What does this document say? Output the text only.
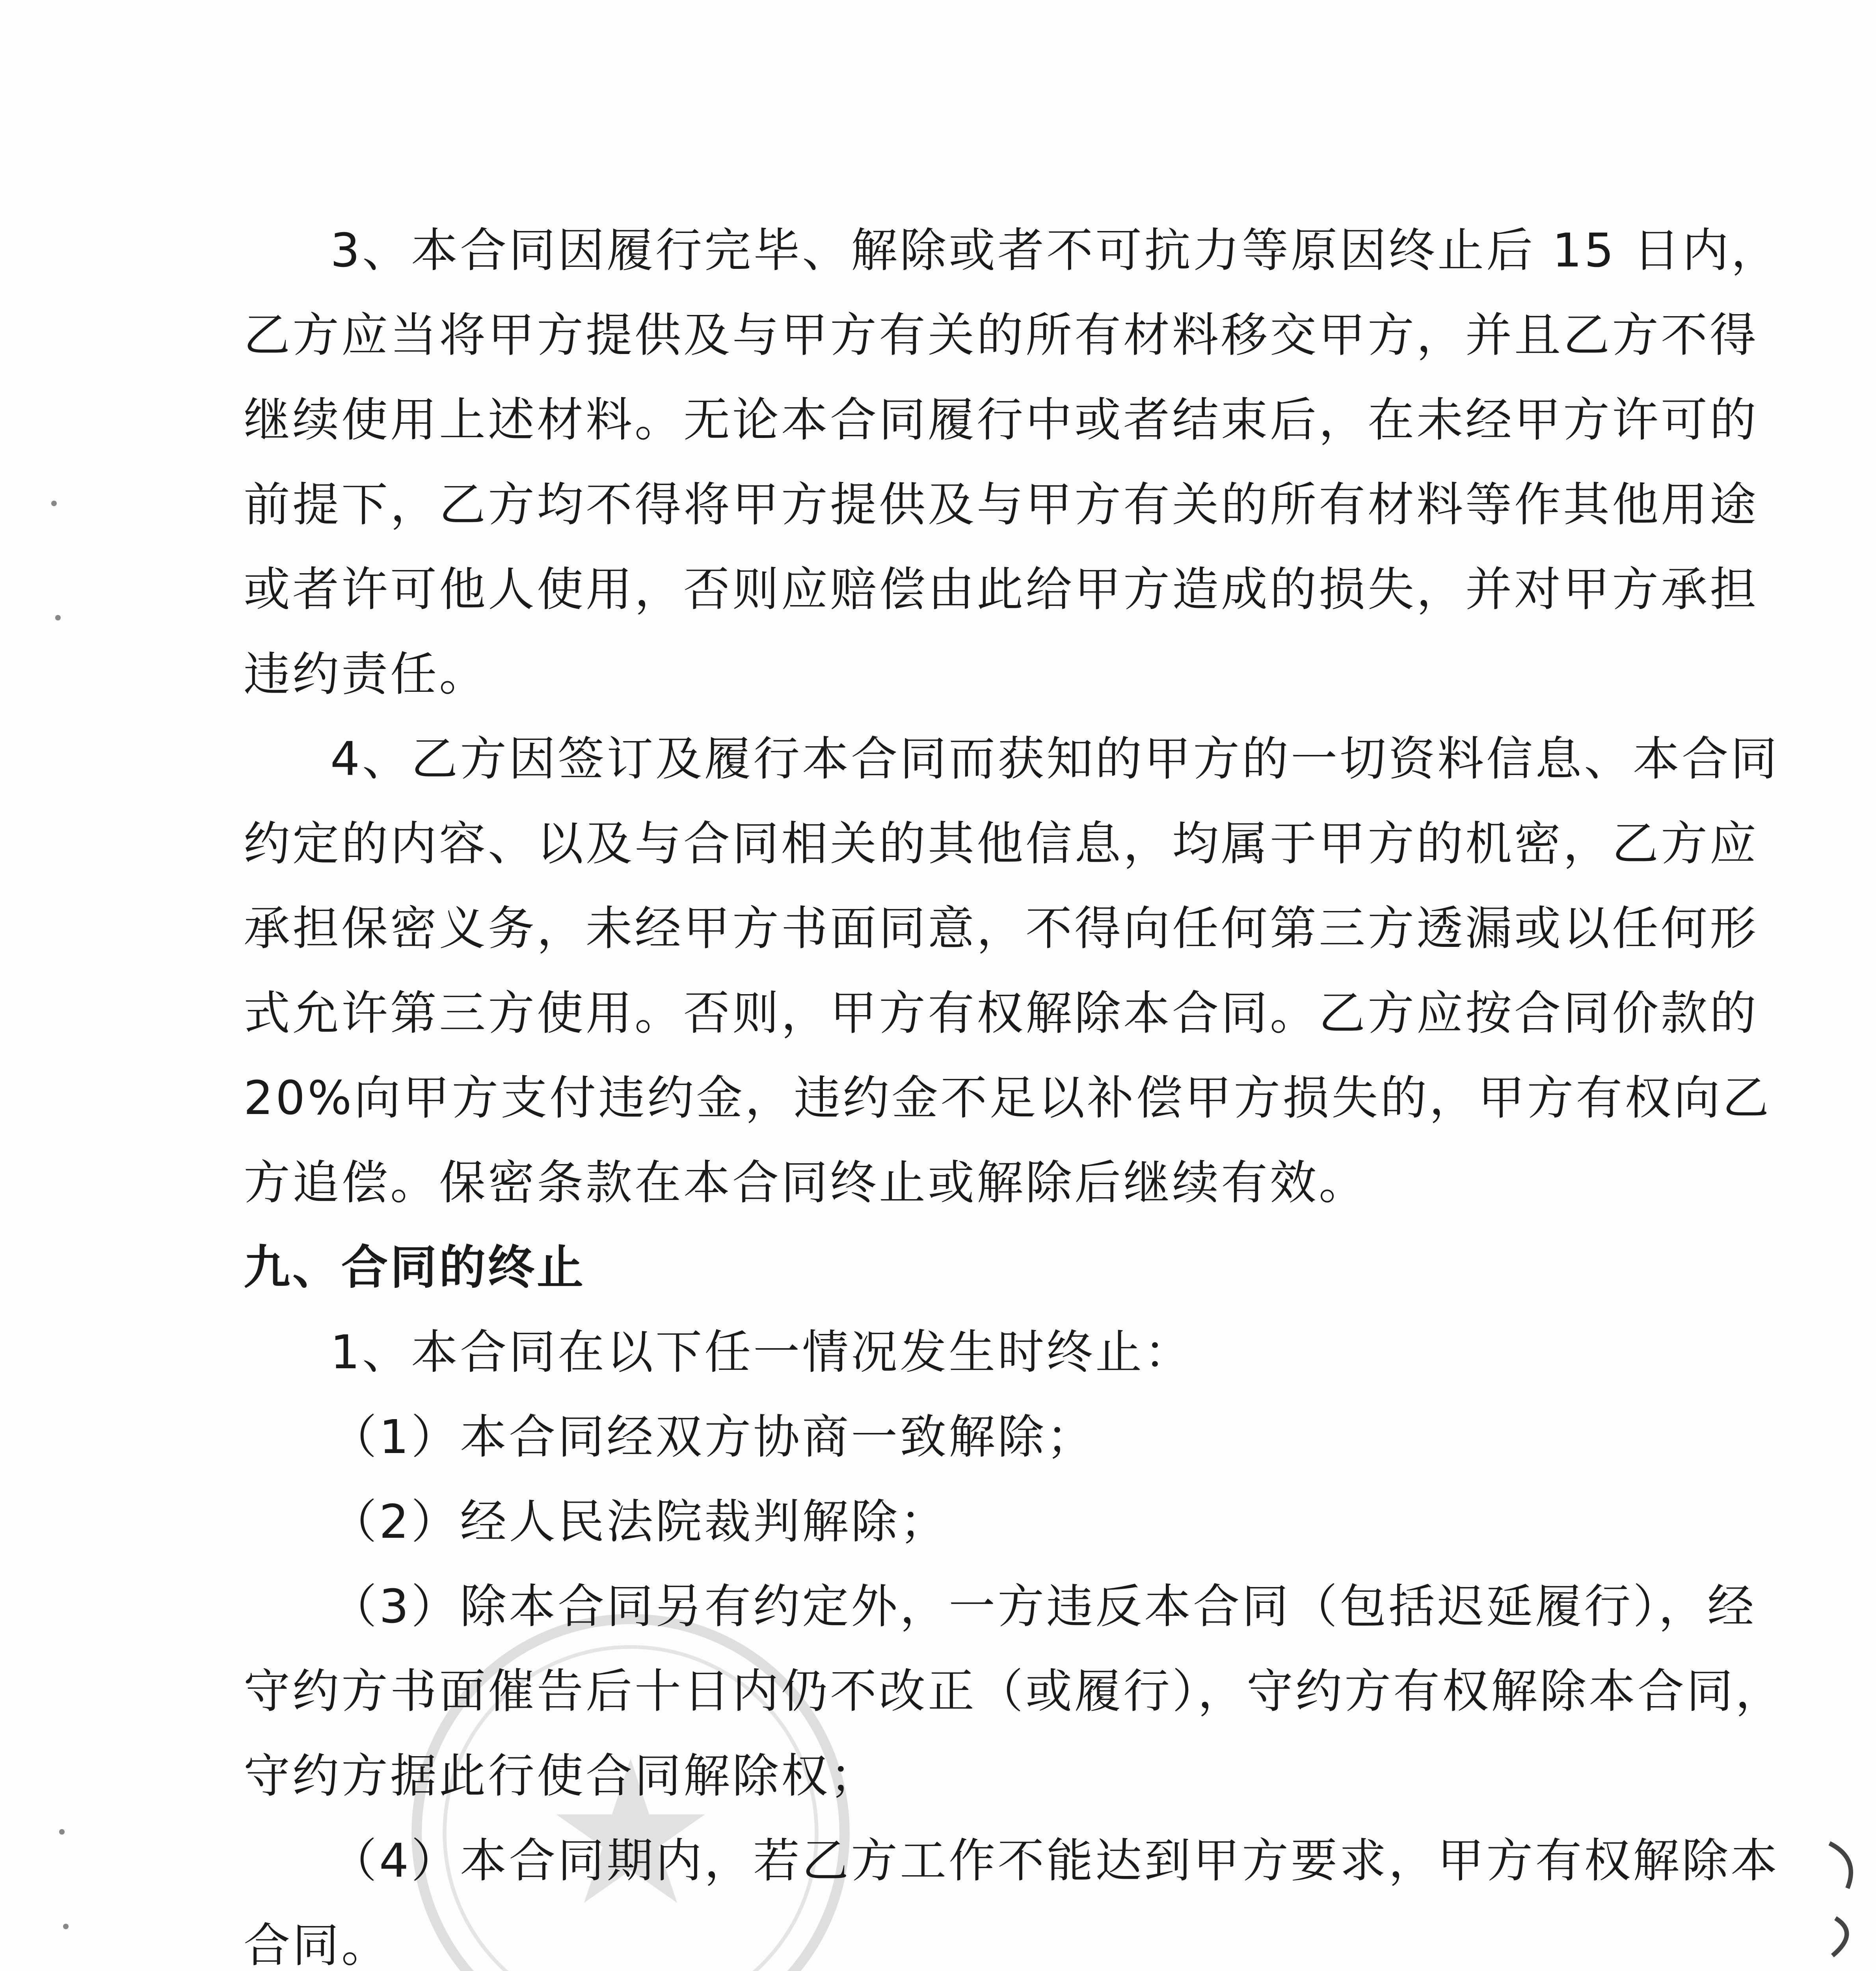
3、本合同因履行完毕、解除或者不可抗力等原因终止后 15 日内，
乙方应当将甲方提供及与甲方有关的所有材料移交甲方，并且乙方不得
继续使用上述材料。无论本合同履行中或者结束后，在未经甲方许可的
前提下，乙方均不得将甲方提供及与甲方有关的所有材料等作其他用途
或者许可他人使用，否则应赔偿由此给甲方造成的损失，并对甲方承担
违约责任。
4、乙方因签订及履行本合同而获知的甲方的一切资料信息、本合同
约定的内容、以及与合同相关的其他信息，均属于甲方的机密，乙方应
承担保密义务，未经甲方书面同意，不得向任何第三方透漏或以任何形
式允许第三方使用。否则，甲方有权解除本合同。乙方应按合同价款的
20%向甲方支付违约金，违约金不足以补偿甲方损失的，甲方有权向乙
方追偿。保密条款在本合同终止或解除后继续有效。
九、合同的终止
1、本合同在以下任一情况发生时终止：
（1）本合同经双方协商一致解除；
（2）经人民法院裁判解除；
（3）除本合同另有约定外，一方违反本合同（包括迟延履行），经
守约方书面催告后十日内仍不改正（或履行），守约方有权解除本合同，
守约方据此行使合同解除权；
（4）本合同期内，若乙方工作不能达到甲方要求，甲方有权解除本
合同。
